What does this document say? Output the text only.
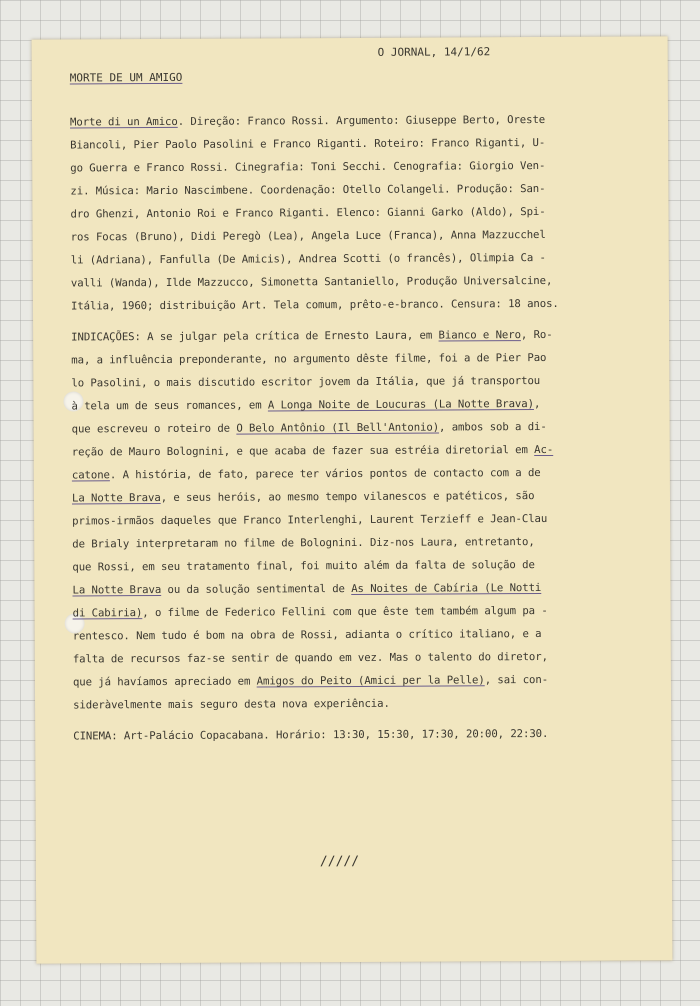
O JORNAL, 14/1/62

MORTE DE UM AMIGO

Morte di un Amico. Direção: Franco Rossi. Argumento: Giuseppe Berto, Oreste

Biancoli, Pier Paolo Pasolini e Franco Riganti. Roteiro: Franco Riganti, U-

go Guerra e Franco Rossi. Cinegrafia: Toni Secchi. Cenografia: Giorgio Ven-

zi. Música: Mario Nascimbene. Coordenação: Otello Colangeli. Produção: San-

dro Ghenzi, Antonio Roi e Franco Riganti. Elenco: Gianni Garko (Aldo), Spi-

ros Focas (Bruno), Didi Peregò (Lea), Angela Luce (Franca), Anna Mazzucchel

li (Adriana), Fanfulla (De Amicis), Andrea Scotti (o francês), Olimpia Ca -

valli (Wanda), Ilde Mazzucco, Simonetta Santaniello, Produção Universalcine,

Itália, 1960; distribuição Art. Tela comum, prêto-e-branco. Censura: 18 anos.

INDICAÇÕES: A se julgar pela crítica de Ernesto Laura, em Bianco e Nero, Ro-

ma, a influência preponderante, no argumento dêste filme, foi a de Pier Pao

lo Pasolini, o mais discutido escritor jovem da Itália, que já transportou

à tela um de seus romances, em A Longa Noite de Loucuras (La Notte Brava),

que escreveu o roteiro de O Belo Antônio (Il Bell'Antonio), ambos sob a di-

reção de Mauro Bolognini, e que acaba de fazer sua estréia diretorial em Ac-

catone. A história, de fato, parece ter vários pontos de contacto com a de

La Notte Brava, e seus heróis, ao mesmo tempo vilanescos e patéticos, são

primos-irmãos daqueles que Franco Interlenghi, Laurent Terzieff e Jean-Clau

de Brialy interpretaram no filme de Bolognini. Diz-nos Laura, entretanto,

que Rossi, em seu tratamento final, foi muito além da falta de solução de

La Notte Brava ou da solução sentimental de As Noites de Cabíria (Le Notti

di Cabiria), o filme de Federico Fellini com que êste tem também algum pa -

rentesco. Nem tudo é bom na obra de Rossi, adianta o crítico italiano, e a

falta de recursos faz-se sentir de quando em vez. Mas o talento do diretor,

que já havíamos apreciado em Amigos do Peito (Amici per la Pelle), sai con-

sideràvelmente mais seguro desta nova experiência.

CINEMA: Art-Palácio Copacabana. Horário: 13:30, 15:30, 17:30, 20:00, 22:30.

/////
